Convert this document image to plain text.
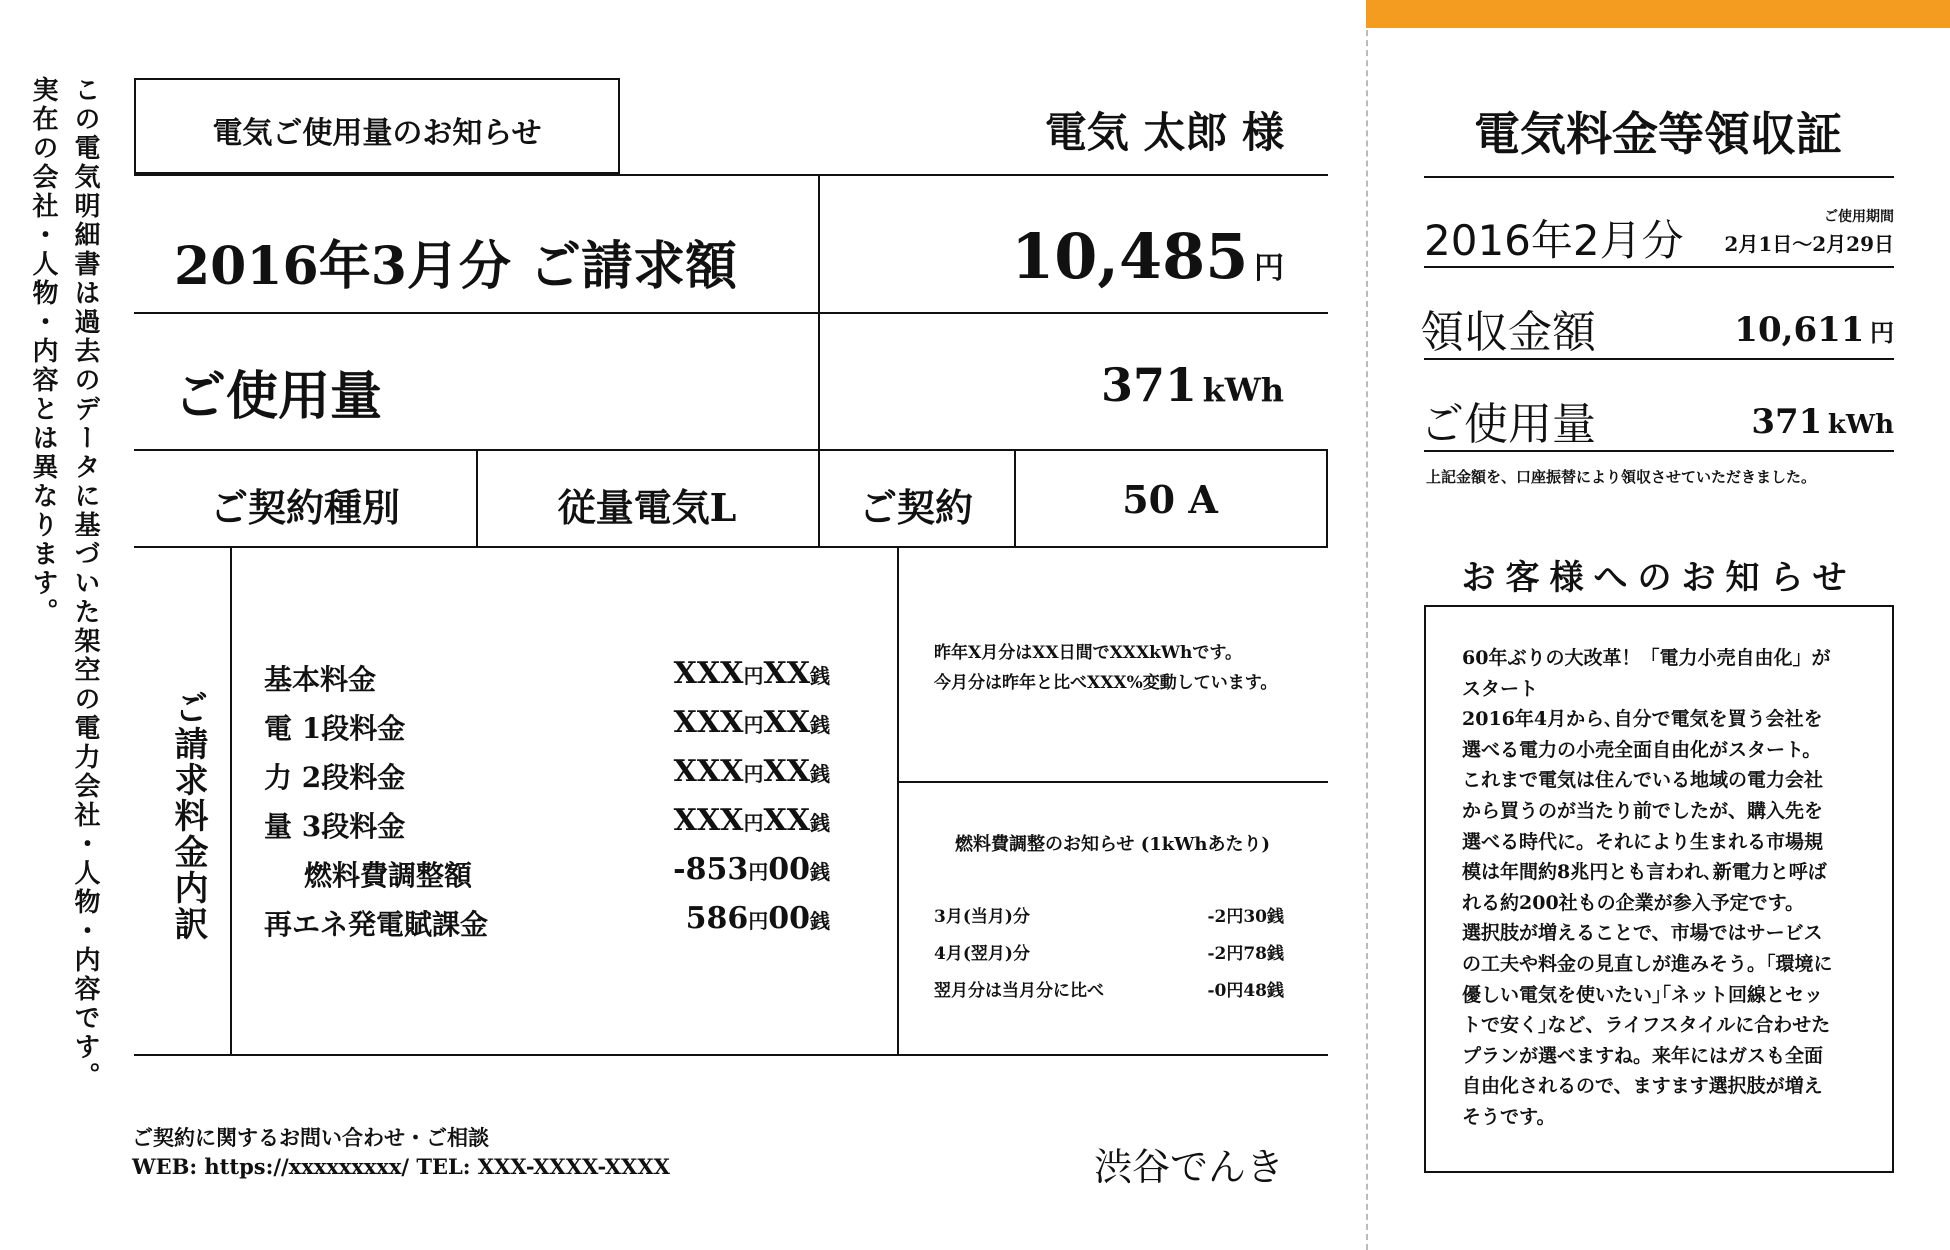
この電気明細書は過去のデータに基づいた架空の電力会社・人物・内容です。
実在の会社・人物・内容とは異なります。	電気ご使用量のお知らせ	電気 太郎 様
2016年3月分 ご請求額	10,485 円
ご使用量	371 kWh
ご契約種別	従量電気L	ご契約	50 A
ご請求料金内訳
基本料金	XXX円XX銭
電 1段料金	XXX円XX銭
力 2段料金	XXX円XX銭
量 3段料金	XXX円XX銭
燃料費調整額	-853円00銭
再エネ発電賦課金	586円00銭
昨年X月分はXX日間でXXXkWhです。
今月分は昨年と比べXXX%変動しています。
燃料費調整のお知らせ (1kWhあたり)
3月(当月)分	-2円30銭
4月(翌月)分	-2円78銭
翌月分は当月分に比べ	-0円48銭
ご契約に関するお問い合わせ・ご相談
WEB: https://xxxxxxxxx/ TEL: XXX-XXXX-XXXX	渋谷でんき
電気料金等領収証
2016年2月分	ご使用期間
2月1日〜2月29日
領収金額	10,611 円
ご使用量	371 kWh
上記金額を、口座振替により領収させていただきました。
お客様へのお知らせ

60年ぶりの大改革！「電力小売自由化」が

スタート

2016年4月から､自分で電気を買う会社を

選べる電力の小売全面自由化がスタート。

これまで電気は住んでいる地域の電力会社

から買うのが当たり前でしたが、購入先を

選べる時代に。それにより生まれる市場規

模は年間約8兆円とも言われ､新電力と呼ば

れる約200社もの企業が参入予定です。

選択肢が増えることで、市場ではサービス

の工夫や料金の見直しが進みそう。｢環境に

優しい電気を使いたい｣｢ネット回線とセッ

トで安く｣など、ライフスタイルに合わせた

プランが選べますね。来年にはガスも全面

自由化されるので、ますます選択肢が増え

そうです。
